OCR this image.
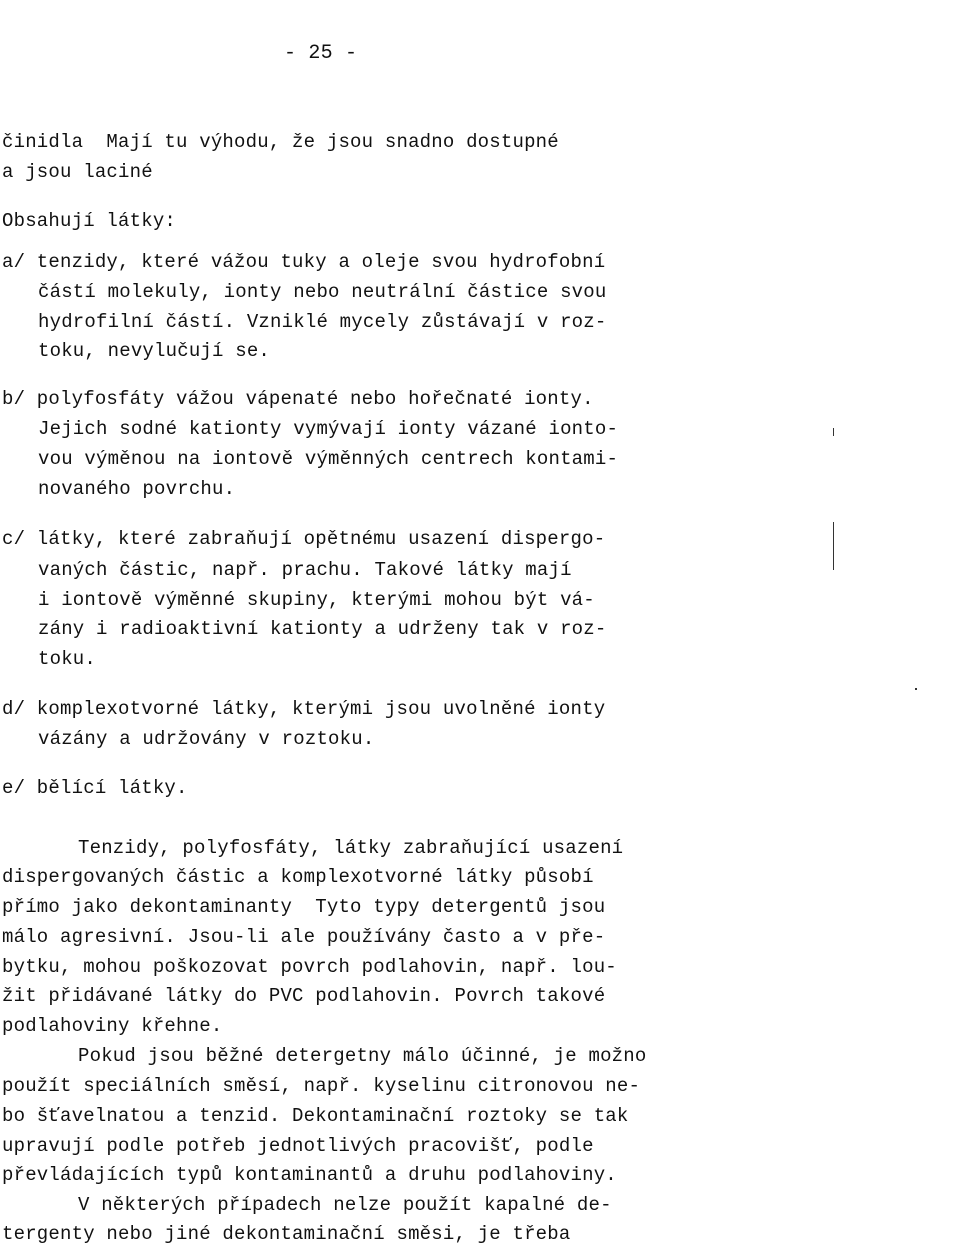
- 25 -

činidla  Mají tu výhodu, že jsou snadno dostupné

a jsou laciné

Obsahují látky:

a/ tenzidy, které vážou tuky a oleje svou hydrofobní

částí molekuly, ionty nebo neutrální částice svou

hydrofilní částí. Vzniklé mycely zůstávají v roz-

toku, nevylučují se.

b/ polyfosfáty vážou vápenaté nebo hořečnaté ionty.

Jejich sodné kationty vymývají ionty vázané ionto-

vou výměnou na iontově výměnných centrech kontami-

novaného povrchu.

c/ látky, které zabraňují opětnému usazení dispergo-

vaných částic, např. prachu. Takové látky mají

i iontově výměnné skupiny, kterými mohou být vá-

zány i radioaktivní kationty a udrženy tak v roz-

toku.

d/ komplexotvorné látky, kterými jsou uvolněné ionty

vázány a udržovány v roztoku.

e/ bělící látky.

Tenzidy, polyfosfáty, látky zabraňující usazení

dispergovaných částic a komplexotvorné látky působí

přímo jako dekontaminanty  Tyto typy detergentů jsou

málo agresivní. Jsou-li ale používány často a v pře-

bytku, mohou poškozovat povrch podlahovin, např. lou-

žit přidávané látky do PVC podlahovin. Povrch takové

podlahoviny křehne.

Pokud jsou běžné detergetny málo účinné, je možno

použít speciálních směsí, např. kyselinu citronovou ne-

bo šťavelnatou a tenzid. Dekontaminační roztoky se tak

upravují podle potřeb jednotlivých pracovišť, podle

převládajících typů kontaminantů a druhu podlahoviny.

V některých případech nelze použít kapalné de-

tergenty nebo jiné dekontaminační směsi, je třeba
